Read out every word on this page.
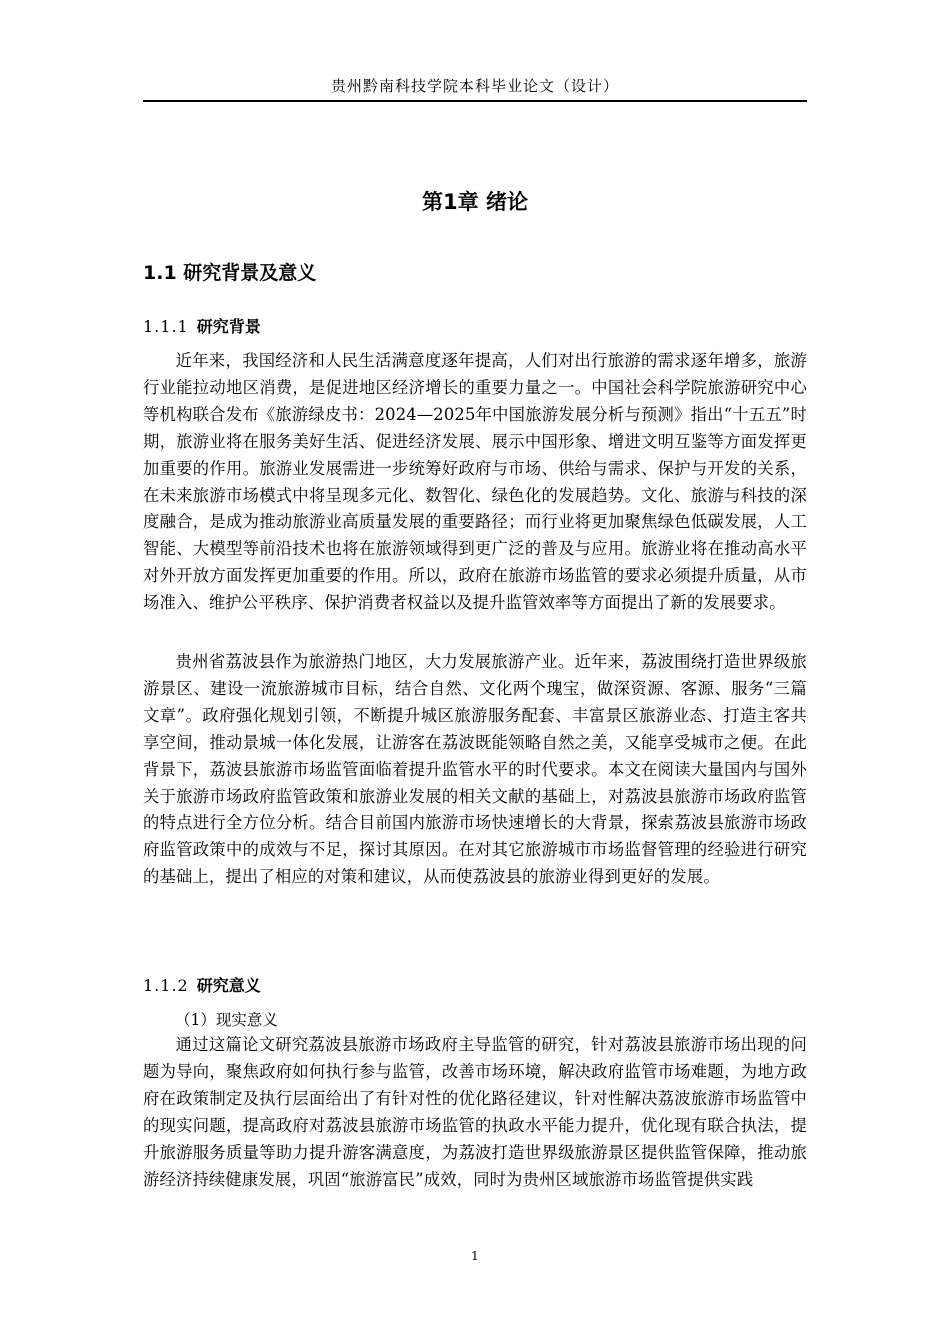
贵州黔南科技学院本科毕业论文（设计）
第1章 绪论
1.1 研究背景及意义
1.1.1 研究背景

近年来，我国经济和人民生活满意度逐年提高，人们对出行旅游的需求逐年增多，旅游行业能拉动地区消费，是促进地区经济增长的重要力量之一。中国社会科学院旅游研究中心等机构联合发布《旅游绿皮书：2024—2025年中国旅游发展分析与预测》指出“十五五”时期，旅游业将在服务美好生活、促进经济发展、展示中国形象、增进文明互鉴等方面发挥更加重要的作用。旅游业发展需进一步统筹好政府与市场、供给与需求、保护与开发的关系，在未来旅游市场模式中将呈现多元化、数智化、绿色化的发展趋势。文化、旅游与科技的深度融合，是成为推动旅游业高质量发展的重要路径；而行业将更加聚焦绿色低碳发展，人工智能、大模型等前沿技术也将在旅游领域得到更广泛的普及与应用。旅游业将在推动高水平对外开放方面发挥更加重要的作用。所以，政府在旅游市场监管的要求必须提升质量，从市场准入、维护公平秩序、保护消费者权益以及提升监管效率等方面提出了新的发展要求。

贵州省荔波县作为旅游热门地区，大力发展旅游产业。近年来，荔波围绕打造世界级旅游景区、建设一流旅游城市目标，结合自然、文化两个瑰宝，做深资源、客源、服务“三篇文章”。政府强化规划引领，不断提升城区旅游服务配套、丰富景区旅游业态、打造主客共享空间，推动景城一体化发展，让游客在荔波既能领略自然之美，又能享受城市之便。在此背景下，荔波县旅游市场监管面临着提升监管水平的时代要求。本文在阅读大量国内与国外关于旅游市场政府监管政策和旅游业发展的相关文献的基础上，对荔波县旅游市场政府监管的特点进行全方位分析。结合目前国内旅游市场快速增长的大背景，探索荔波县旅游市场政府监管政策中的成效与不足，探讨其原因。在对其它旅游城市市场监督管理的经验进行研究的基础上，提出了相应的对策和建议，从而使荔波县的旅游业得到更好的发展。

1.1.2 研究意义
（1）现实意义

通过这篇论文研究荔波县旅游市场政府主导监管的研究，针对荔波县旅游市场出现的问题为导向，聚焦政府如何执行参与监管，改善市场环境，解决政府监管市场难题，为地方政府在政策制定及执行层面给出了有针对性的优化路径建议，针对性解决荔波旅游市场监管中的现实问题，提高政府对荔波县旅游市场监管的执政水平能力提升，优化现有联合执法，提升旅游服务质量等助力提升游客满意度，为荔波打造世界级旅游景区提供监管保障，推动旅游经济持续健康发展，巩固“旅游富民”成效，同时为贵州区域旅游市场监管提供实践

1
